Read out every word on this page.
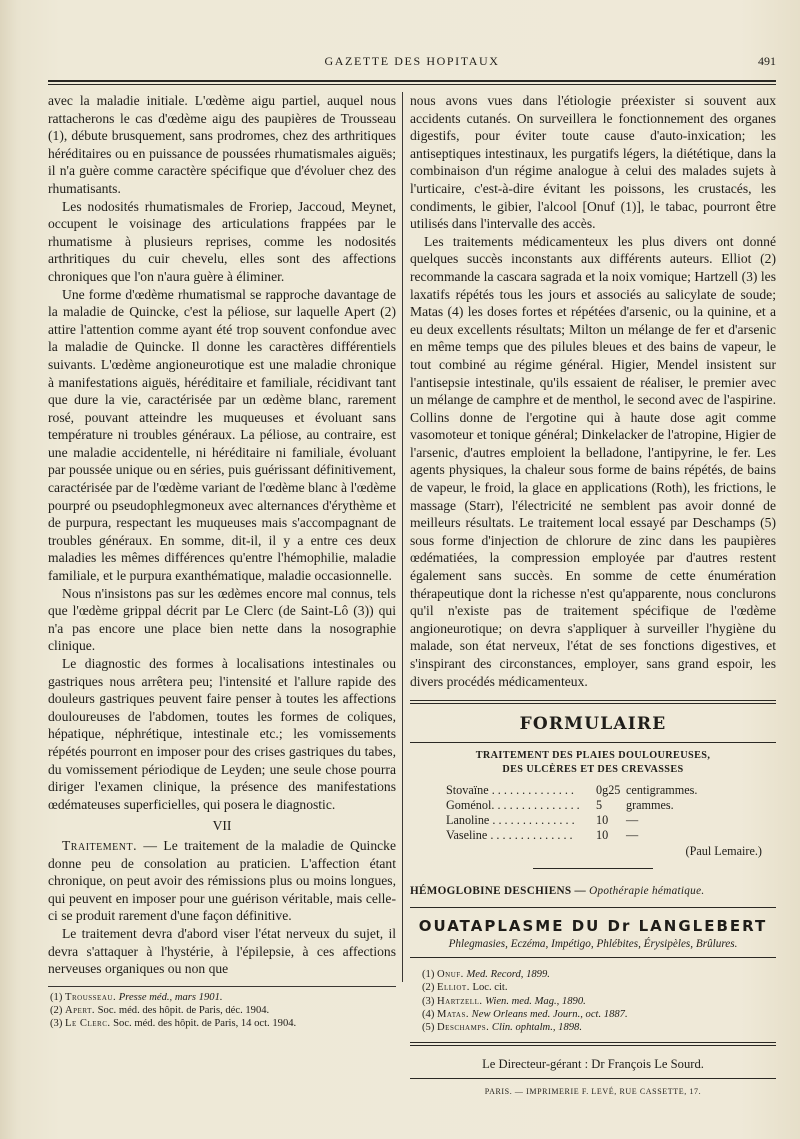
GAZETTE DES HOPITAUX	491

avec la maladie initiale. L'œdème aigu partiel, auquel nous rattacherons le cas d'œdème aigu des paupières de Trousseau (1), débute brusquement, sans prodromes, chez des arthritiques héréditaires ou en puissance de poussées rhumatismales aiguës; il n'a guère comme caractère spécifique que d'évoluer chez des rhumatisants.

Les nodosités rhumatismales de Froriep, Jaccoud, Meynet, occupent le voisinage des articulations frappées par le rhumatisme à plusieurs reprises, comme les nodosités arthritiques du cuir chevelu, elles sont des affections chroniques que l'on n'aura guère à éliminer.

Une forme d'œdème rhumatismal se rapproche davantage de la maladie de Quincke, c'est la péliose, sur laquelle Apert (2) attire l'attention comme ayant été trop souvent confondue avec la maladie de Quincke. Il donne les caractères différentiels suivants. L'œdème angioneurotique est une maladie chronique à manifestations aiguës, héréditaire et familiale, récidivant tant que dure la vie, caractérisée par un œdème blanc, rarement rosé, pouvant atteindre les muqueuses et évoluant sans température ni troubles généraux. La péliose, au contraire, est une maladie accidentelle, ni héréditaire ni familiale, évoluant par poussée unique ou en séries, puis guérissant définitivement, caractérisée par de l'œdème variant de l'œdème blanc à l'œdème pourpré ou pseudophlegmoneux avec alternances d'érythème et de purpura, respectant les muqueuses mais s'accompagnant de troubles généraux. En somme, dit-il, il y a entre ces deux maladies les mêmes différences qu'entre l'hémophilie, maladie familiale, et le purpura exanthématique, maladie occasionnelle.

Nous n'insistons pas sur les œdèmes encore mal connus, tels que l'œdème grippal décrit par Le Clerc (de Saint-Lô (3)) qui n'a pas encore une place bien nette dans la nosographie clinique.

Le diagnostic des formes à localisations intestinales ou gastriques nous arrêtera peu; l'intensité et l'allure rapide des douleurs gastriques peuvent faire penser à toutes les affections douloureuses de l'abdomen, toutes les formes de coliques, hépatique, néphrétique, intestinale etc.; les vomissements répétés pourront en imposer pour des crises gastriques du tabes, du vomissement périodique de Leyden; une seule chose pourra diriger l'examen clinique, la présence des manifestations œdémateuses superficielles, qui posera le diagnostic.

VII

Traitement. — Le traitement de la maladie de Quincke donne peu de consolation au praticien. L'affection étant chronique, on peut avoir des rémissions plus ou moins longues, qui peuvent en imposer pour une guérison véritable, mais celle-ci se produit rarement d'une façon définitive.

Le traitement devra d'abord viser l'état nerveux du sujet, il devra s'attaquer à l'hystérie, à l'épilepsie, à ces affections nerveuses organiques ou non que

(1) Trousseau. Presse méd., mars 1901.
(2) Apert. Soc. méd. des hôpit. de Paris, déc. 1904.
(3) Le Clerc. Soc. méd. des hôpit. de Paris, 14 oct. 1904.

nous avons vues dans l'étiologie préexister si souvent aux accidents cutanés. On surveillera le fonctionnement des organes digestifs, pour éviter toute cause d'auto-inxication; les antiseptiques intestinaux, les purgatifs légers, la diététique, dans la combinaison d'un régime analogue à celui des malades sujets à l'urticaire, c'est-à-dire évitant les poissons, les crustacés, les condiments, le gibier, l'alcool [Onuf (1)], le tabac, pourront être utilisés dans l'intervalle des accès.

Les traitements médicamenteux les plus divers ont donné quelques succès inconstants aux différents auteurs. Elliot (2) recommande la cascara sagrada et la noix vomique; Hartzell (3) les laxatifs répétés tous les jours et associés au salicylate de soude; Matas (4) les doses fortes et répétées d'arsenic, ou la quinine, et a eu deux excellents résultats; Milton un mélange de fer et d'arsenic en même temps que des pilules bleues et des bains de vapeur, le tout combiné au régime général. Higier, Mendel insistent sur l'antisepsie intestinale, qu'ils essaient de réaliser, le premier avec un mélange de camphre et de menthol, le second avec de l'aspirine. Collins donne de l'ergotine qui à haute dose agit comme vasomoteur et tonique général; Dinkelacker de l'atropine, Higier de l'arsenic, d'autres emploient la belladone, l'antipyrine, le fer. Les agents physiques, la chaleur sous forme de bains répétés, de bains de vapeur, le froid, la glace en applications (Roth), les frictions, le massage (Starr), l'électricité ne semblent pas avoir donné de meilleurs résultats. Le traitement local essayé par Deschamps (5) sous forme d'injection de chlorure de zinc dans les paupières œdématiées, la compression employée par d'autres restent également sans succès. En somme de cette énumération thérapeutique dont la richesse n'est qu'apparente, nous conclurons qu'il n'existe pas de traitement spécifique de l'œdème angioneurotique; on devra s'appliquer à surveiller l'hygiène du malade, son état nerveux, l'état de ses fonctions digestives, et s'inspirant des circonstances, employer, sans grand espoir, les divers procédés médicamenteux.

FORMULAIRE
TRAITEMENT DES PLAIES DOULOUREUSES,
DES ULCÈRES ET DES CREVASSES
Stovaïne . . . . . . . . . . . . . .	0g25 centigrammes.
Goménol. . . . . . . . . . . . . . .	5	grammes.
Lanoline . . . . . . . . . . . . . .	10	—
Vaseline . . . . . . . . . . . . . .	10	—
(Paul Lemaire.)
HÉMOGLOBINE DESCHIENS — Opothérapie hématique.
OUATAPLASME DU Dr LANGLEBERT
Phlegmasies, Eczéma, Impétigo, Phlébites, Érysipèles, Brûlures.
(1) Onuf. Med. Record, 1899.
(2) Elliot. Loc. cit.
(3) Hartzell. Wien. med. Mag., 1890.
(4) Matas. New Orleans med. Journ., oct. 1887.
(5) Deschamps. Clin. ophtalm., 1898.
Le Directeur-gérant : Dr François Le Sourd.
PARIS. — IMPRIMERIE F. LEVÉ, RUE CASSETTE, 17.
